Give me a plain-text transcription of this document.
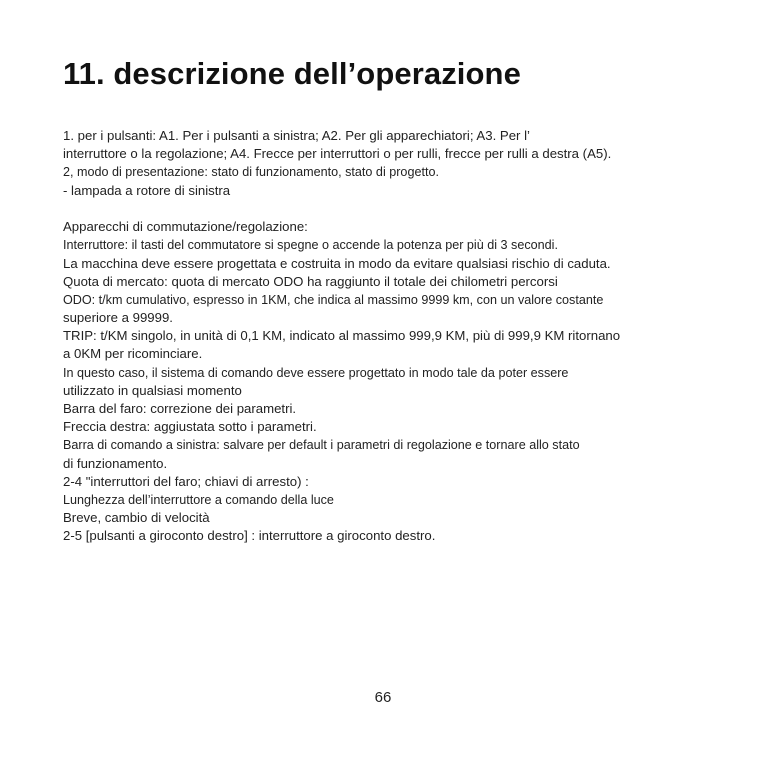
11. descrizione dell’operazione
1. per i pulsanti: A1. Per i pulsanti a sinistra; A2. Per gli apparechiatori; A3. Per l’
interruttore o la regolazione; A4. Frecce per interruttori o per rulli, frecce per rulli a destra (A5).
2, modo di presentazione: stato di funzionamento, stato di progetto.
- lampada a rotore di sinistra
Apparecchi di commutazione/regolazione:
Interruttore: il tasti del commutatore si spegne o accende la potenza per più di 3 secondi.
La macchina deve essere progettata e costruita in modo da evitare qualsiasi rischio di caduta.
Quota di mercato: quota di mercato ODO ha raggiunto il totale dei chilometri percorsi
ODO: t/km cumulativo, espresso in 1KM, che indica al massimo 9999 km, con un valore costante
superiore a 99999.
TRIP: t/KM singolo, in unità di 0,1 KM, indicato al massimo 999,9 KM, più di 999,9 KM ritornano
a 0KM per ricominciare.
In questo caso, il sistema di comando deve essere progettato in modo tale da poter essere
utilizzato in qualsiasi momento
Barra del faro: correzione dei parametri.
Freccia destra: aggiustata sotto i parametri.
Barra di comando a sinistra: salvare per default i parametri di regolazione e tornare allo stato
di funzionamento.
2-4 "interruttori del faro; chiavi di arresto) :
Lunghezza dell’interruttore a comando della luce
Breve, cambio di velocità
2-5 [pulsanti a giroconto destro] : interruttore a giroconto destro.
66
